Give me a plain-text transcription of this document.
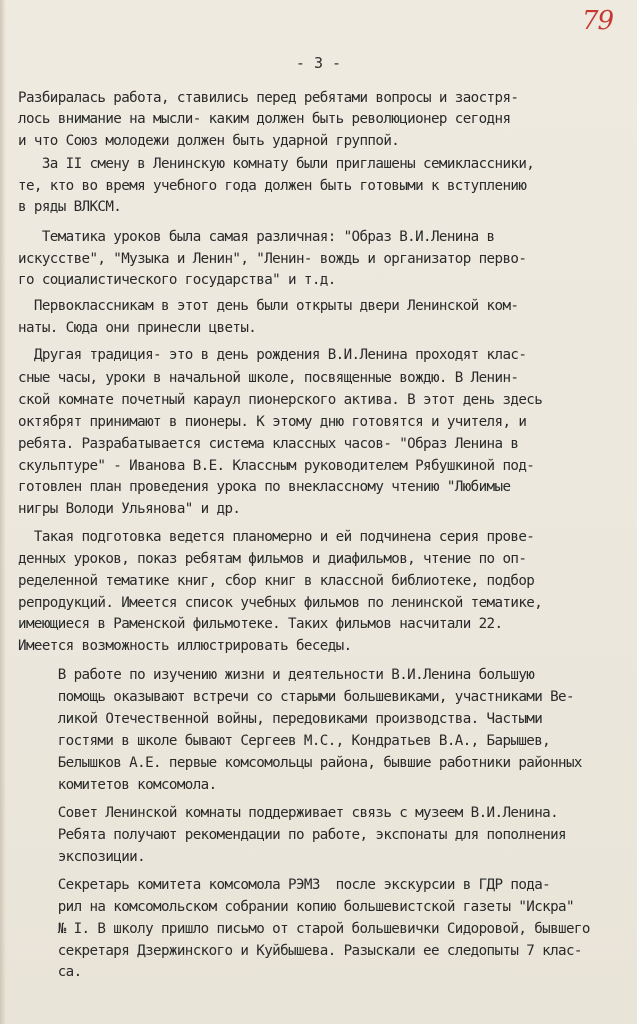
79
- 3 -
Разбиралась работа, ставились перед ребятами вопросы и заостря-
лось внимание на мысли- каким должен быть революционер сегодня
и что Союз молодежи должен быть ударной группой.
За II смену в Ленинскую комнату были приглашены семиклассники,
те, кто во время учебного года должен быть готовыми к вступлению
в ряды ВЛКСМ.
Тематика уроков была самая различная: "Образ В.И.Ленина в
искусстве", "Музыка и Ленин", "Ленин- вождь и организатор перво-
го социалистического государства" и т.д.
Первоклассникам в этот день были открыты двери Ленинской ком-
наты. Сюда они принесли цветы.
Другая традиция- это в день рождения В.И.Ленина проходят клас-
сные часы, уроки в начальной школе, посвященные вождю. В Ленин-
ской комнате почетный караул пионерского актива. В этот день здесь
октябрят принимают в пионеры. К этому дню готовятся и учителя, и
ребята. Разрабатывается система классных часов- "Образ Ленина в
скульптуре" - Иванова В.Е. Классным руководителем Рябушкиной под-
готовлен план проведения урока по внеклассному чтению "Любимые
нигры Володи Ульянова" и др.
Такая подготовка ведется планомерно и ей подчинена серия прове-
денных уроков, показ ребятам фильмов и диафильмов, чтение по оп-
ределенной тематике книг, сбор книг в классной библиотеке, подбор
репродукций. Имеется список учебных фильмов по ленинской тематике,
имеющиеся в Раменской фильмотеке. Таких фильмов насчитали 22.
Имеется возможность иллюстрировать беседы.
В работе по изучению жизни и деятельности В.И.Ленина большую
помощь оказывают встречи со старыми большевиками, участниками Ве-
ликой Отечественной войны, передовиками производства. Частыми
гостями в школе бывают Сергеев М.С., Кондратьев В.А., Барышев,
Белышков А.Е. первые комсомольцы района, бывшие работники районных
комитетов комсомола.
Совет Ленинской комнаты поддерживает связь с музеем В.И.Ленина.
Ребята получают рекомендации по работе, экспонаты для пополнения
экспозиции.
Секретарь комитета комсомола РЭМЗ  после экскурсии в ГДР пода-
рил на комсомольском собрании копию большевистской газеты "Искра"
№ I. В школу пришло письмо от старой большевички Сидоровой, бывшего
секретаря Дзержинского и Куйбышева. Разыскали ее следопыты 7 клас-
са.
